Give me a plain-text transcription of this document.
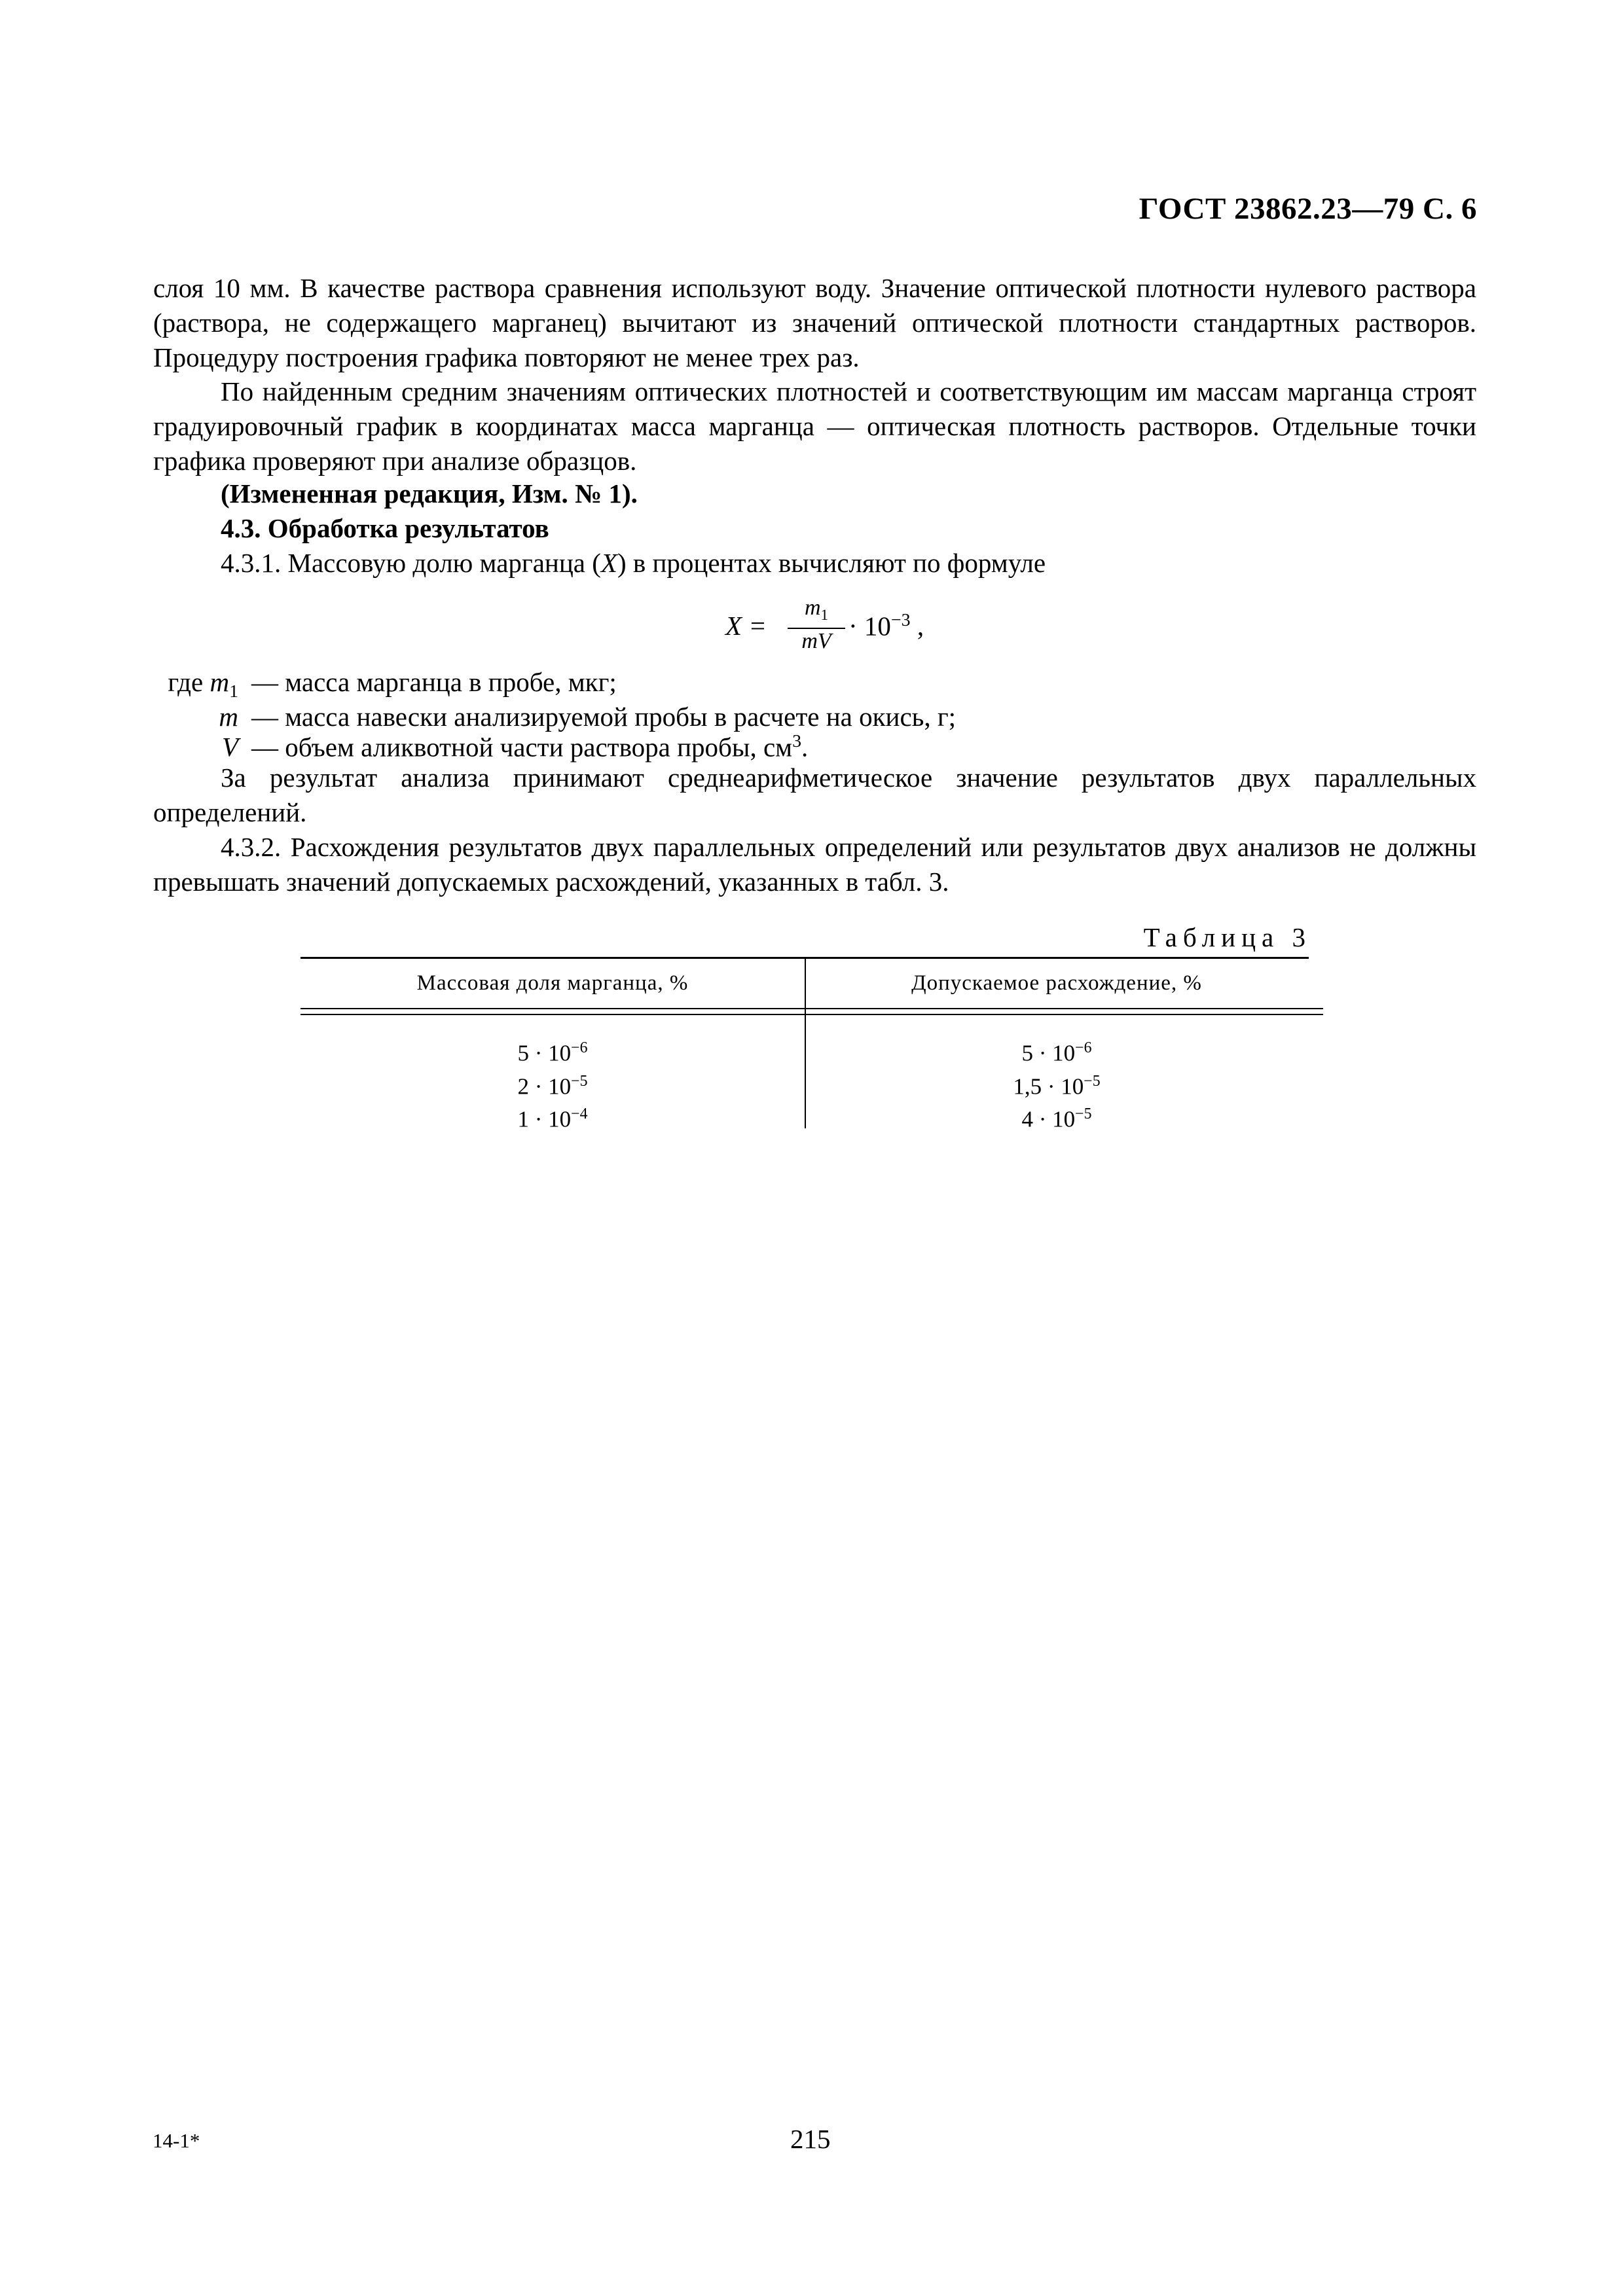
ГОСТ 23862.23—79 С. 6
слоя 10 мм. В качестве раствора сравнения используют воду. Значение оптической плотности нулевого раствора (раствора, не содержащего марганец) вычитают из значений оптической плотности стандартных растворов. Процедуру построения графика повторяют не менее трех раз.
По найденным средним значениям оптических плотностей и соответствующим им массам марганца строят градуировочный график в координатах масса марганца — оптическая плотность растворов. Отдельные точки графика проверяют при анализе образцов.
(Измененная редакция, Изм. № 1).
4.3. Обработка результатов
4.3.1. Массовую долю марганца (X) в процентах вычисляют по формуле
X =
$m_1$
mV · $10^{-3}$ ,
где $m_1$ — масса марганца в пробе, мкг;
m — масса навески анализируемой пробы в расчете на окись, г;
V — объем аликвотной части раствора пробы, $см^3$.
За результат анализа принимают среднеарифметическое значение результатов двух параллельных определений.
4.3.2. Расхождения результатов двух параллельных определений или результатов двух анализов не должны превышать значений допускаемых расхождений, указанных в табл. 3.
Таблица 3
Массовая доля марганца, %	Допускаемое расхождение, %
$5 \cdot 10^{-6}$
$2 \cdot 10^{-5}$
$1 \cdot 10^{-4}$
$5 \cdot 10^{-6}$
$1,5 \cdot 10^{-5}$
$4 \cdot 10^{-5}$
14-1*	215
